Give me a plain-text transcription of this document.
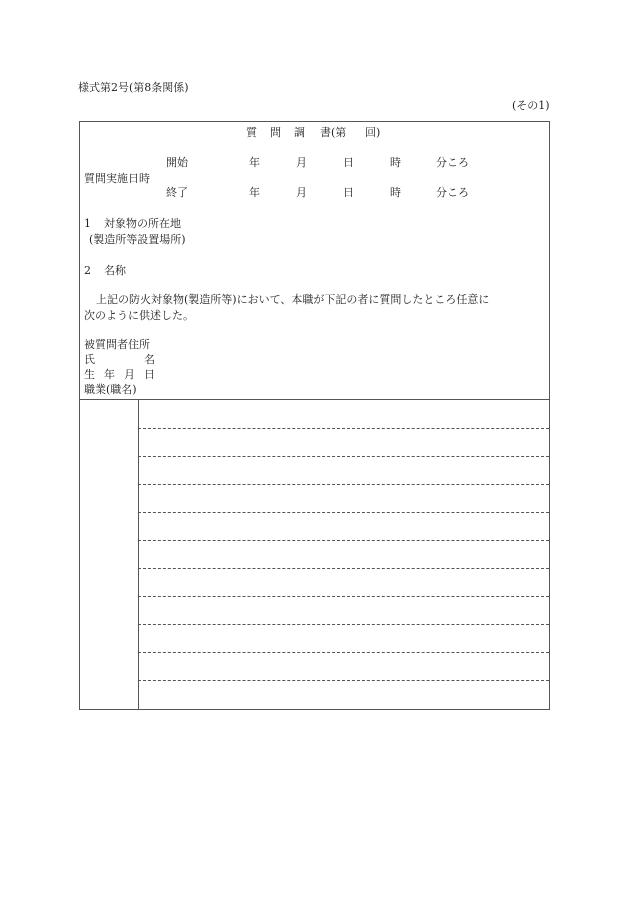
様式第2号(第8条関係)
(その1)
質 問 調 書(第 回)
質問実施日時
開始	年	月	日	時	分ころ
終了	年	月	日	時	分ころ
1 対象物の所在地
(製造所等設置場所)
2 名称
上記の防火対象物(製造所等)において、本職が下記の者に質問したところ任意に
次のように供述した。
被質問者住所
氏	名
生 年 月 日
職業(職名)
